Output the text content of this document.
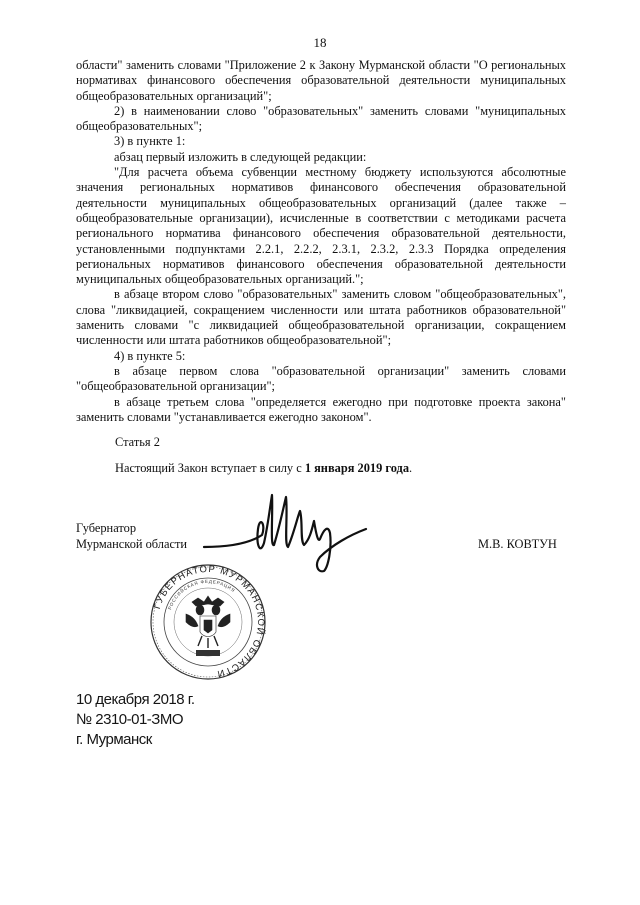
18

области" заменить словами "Приложение 2 к Закону Мурманской области "О региональных нормативах финансового обеспечения образовательной деятельности муниципальных общеобразовательных организаций";

2) в наименовании слово "образовательных" заменить словами "муниципальных общеобразовательных";

3) в пункте 1:

абзац первый изложить в следующей редакции:

"Для расчета объема субвенции местному бюджету используются абсолютные значения региональных нормативов финансового обеспечения образовательной деятельности муниципальных общеобразовательных организаций (далее также – общеобразовательные организации), исчисленные в соответствии с методиками расчета регионального норматива финансового обеспечения образовательной деятельности, установленными подпунктами 2.2.1, 2.2.2, 2.3.1, 2.3.2, 2.3.3 Порядка определения региональных нормативов финансового обеспечения образовательной деятельности муниципальных общеобразовательных организаций.";

в абзаце втором слово "образовательных" заменить словом "общеобразовательных", слова "ликвидацией, сокращением численности или штата работников образовательной" заменить словами "с ликвидацией общеобразовательной организации, сокращением численности или штата работников общеобразовательной";

4) в пункте 5:

в абзаце первом слова "образовательной организации" заменить словами "общеобразовательной организации";

в абзаце третьем слова "определяется ежегодно при подготовке проекта закона" заменить словами "устанавливается ежегодно законом".

Статья 2
Настоящий Закон вступает в силу с 1 января 2019 года.
Губернатор
Мурманской области	М.В. КОВТУН
ГУБЕРНАТОР МУРМАНСКОЙ ОБЛАСТИ
РОССИЙСКАЯ ФЕДЕРАЦИЯ
10 декабря 2018 г.
№ 2310-01-ЗМО
г. Мурманск
